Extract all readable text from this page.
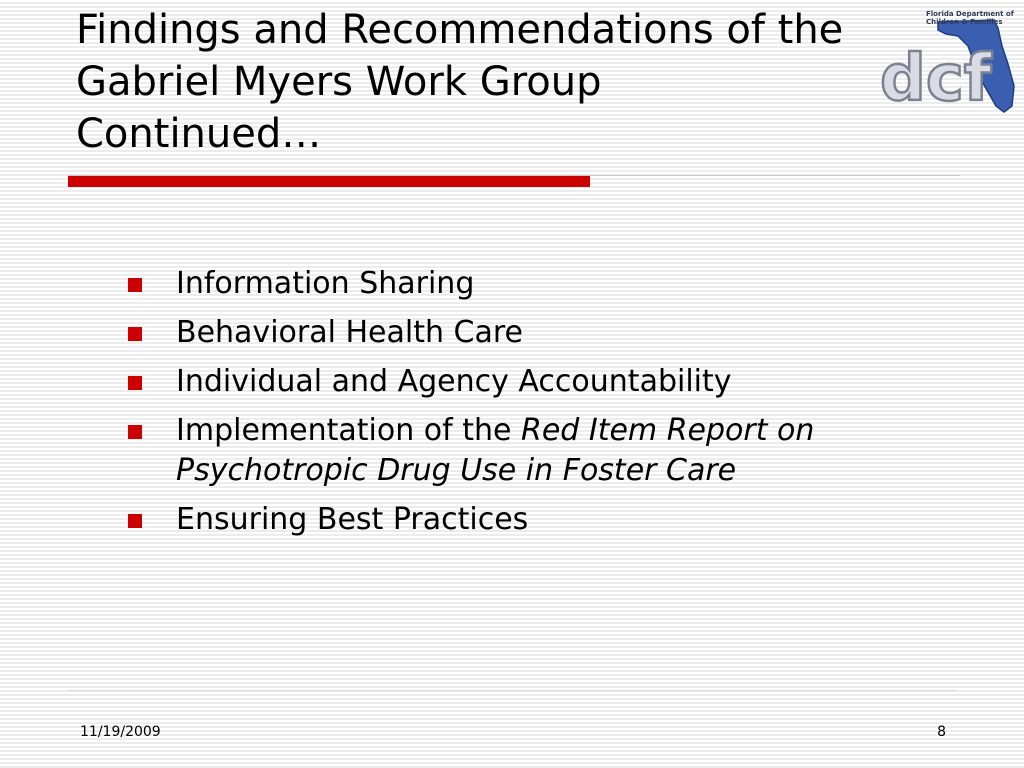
Findings and Recommendations of the
Gabriel Myers Work Group
Continued…
dcf
Florida Department of
Children & Families
Information Sharing
Behavioral Health Care
Individual and Agency Accountability
Implementation of the Red Item Report on Psychotropic Drug Use in Foster Care
Ensuring Best Practices
11/19/2009	8
